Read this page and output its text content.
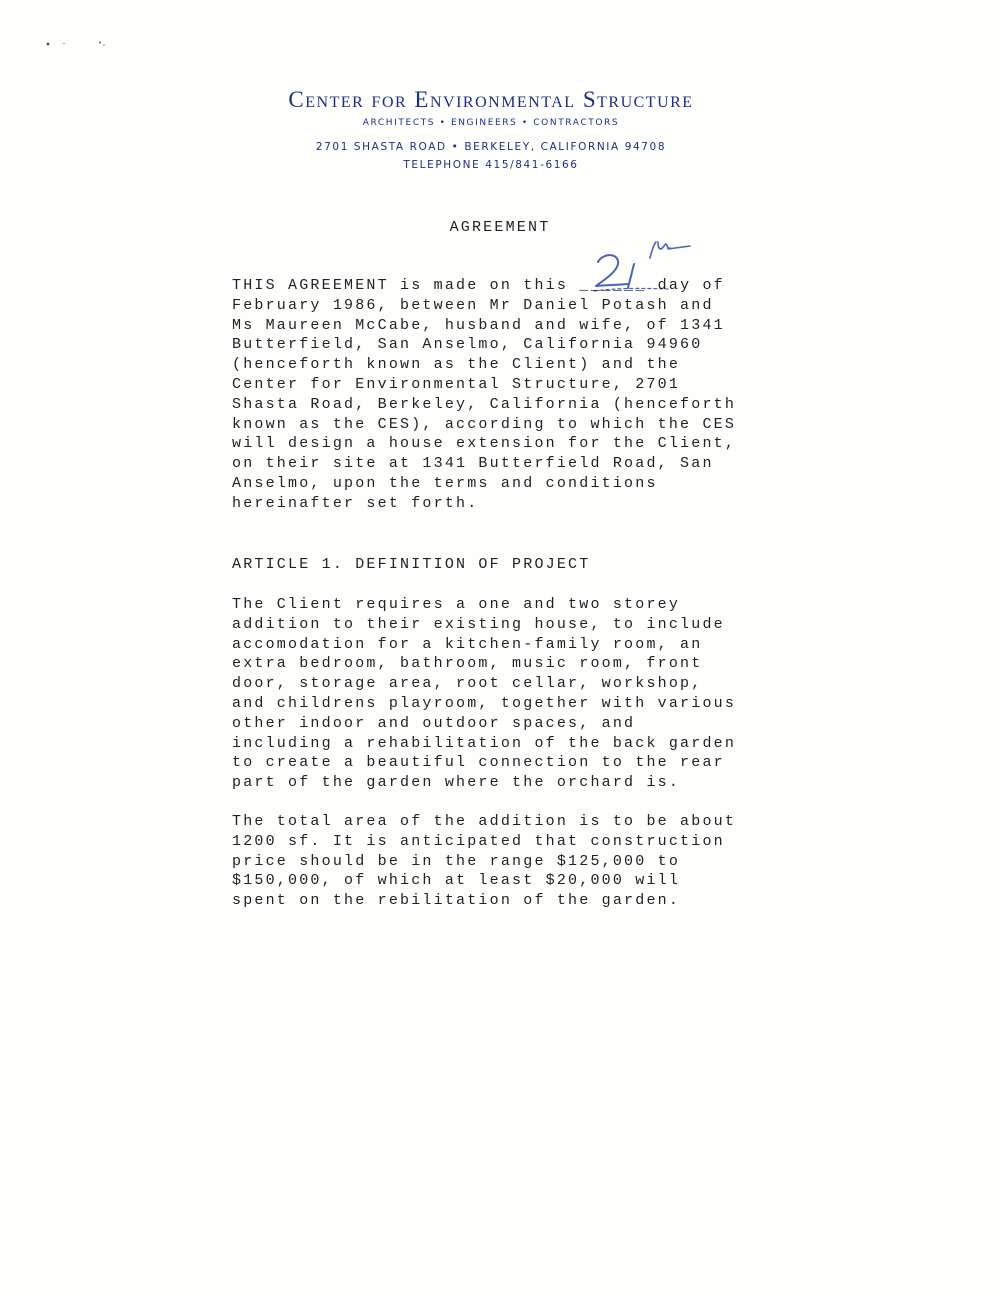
Center for Environmental Structure
ARCHITECTS • ENGINEERS • CONTRACTORS
2701 SHASTA ROAD • BERKELEY, CALIFORNIA 94708
TELEPHONE 415/841-6166
AGREEMENT
THIS AGREEMENT is made on this ______ day of
February 1986, between Mr Daniel Potash and
Ms Maureen McCabe, husband and wife, of 1341
Butterfield, San Anselmo, California 94960
(henceforth known as the Client) and the
Center for Environmental Structure, 2701
Shasta Road, Berkeley, California (henceforth
known as the CES), according to which the CES
will design a house extension for the Client,
on their site at 1341 Butterfield Road, San
Anselmo, upon the terms and conditions
hereinafter set forth.
ARTICLE 1. DEFINITION OF PROJECT
The Client requires a one and two storey
addition to their existing house, to include
accomodation for a kitchen-family room, an
extra bedroom, bathroom, music room, front
door, storage area, root cellar, workshop,
and childrens playroom, together with various
other indoor and outdoor spaces, and
including a rehabilitation of the back garden
to create a beautiful connection to the rear
part of the garden where the orchard is.
The total area of the addition is to be about
1200 sf. It is anticipated that construction
price should be in the range $125,000 to
$150,000, of which at least $20,000 will
spent on the rebilitation of the garden.
